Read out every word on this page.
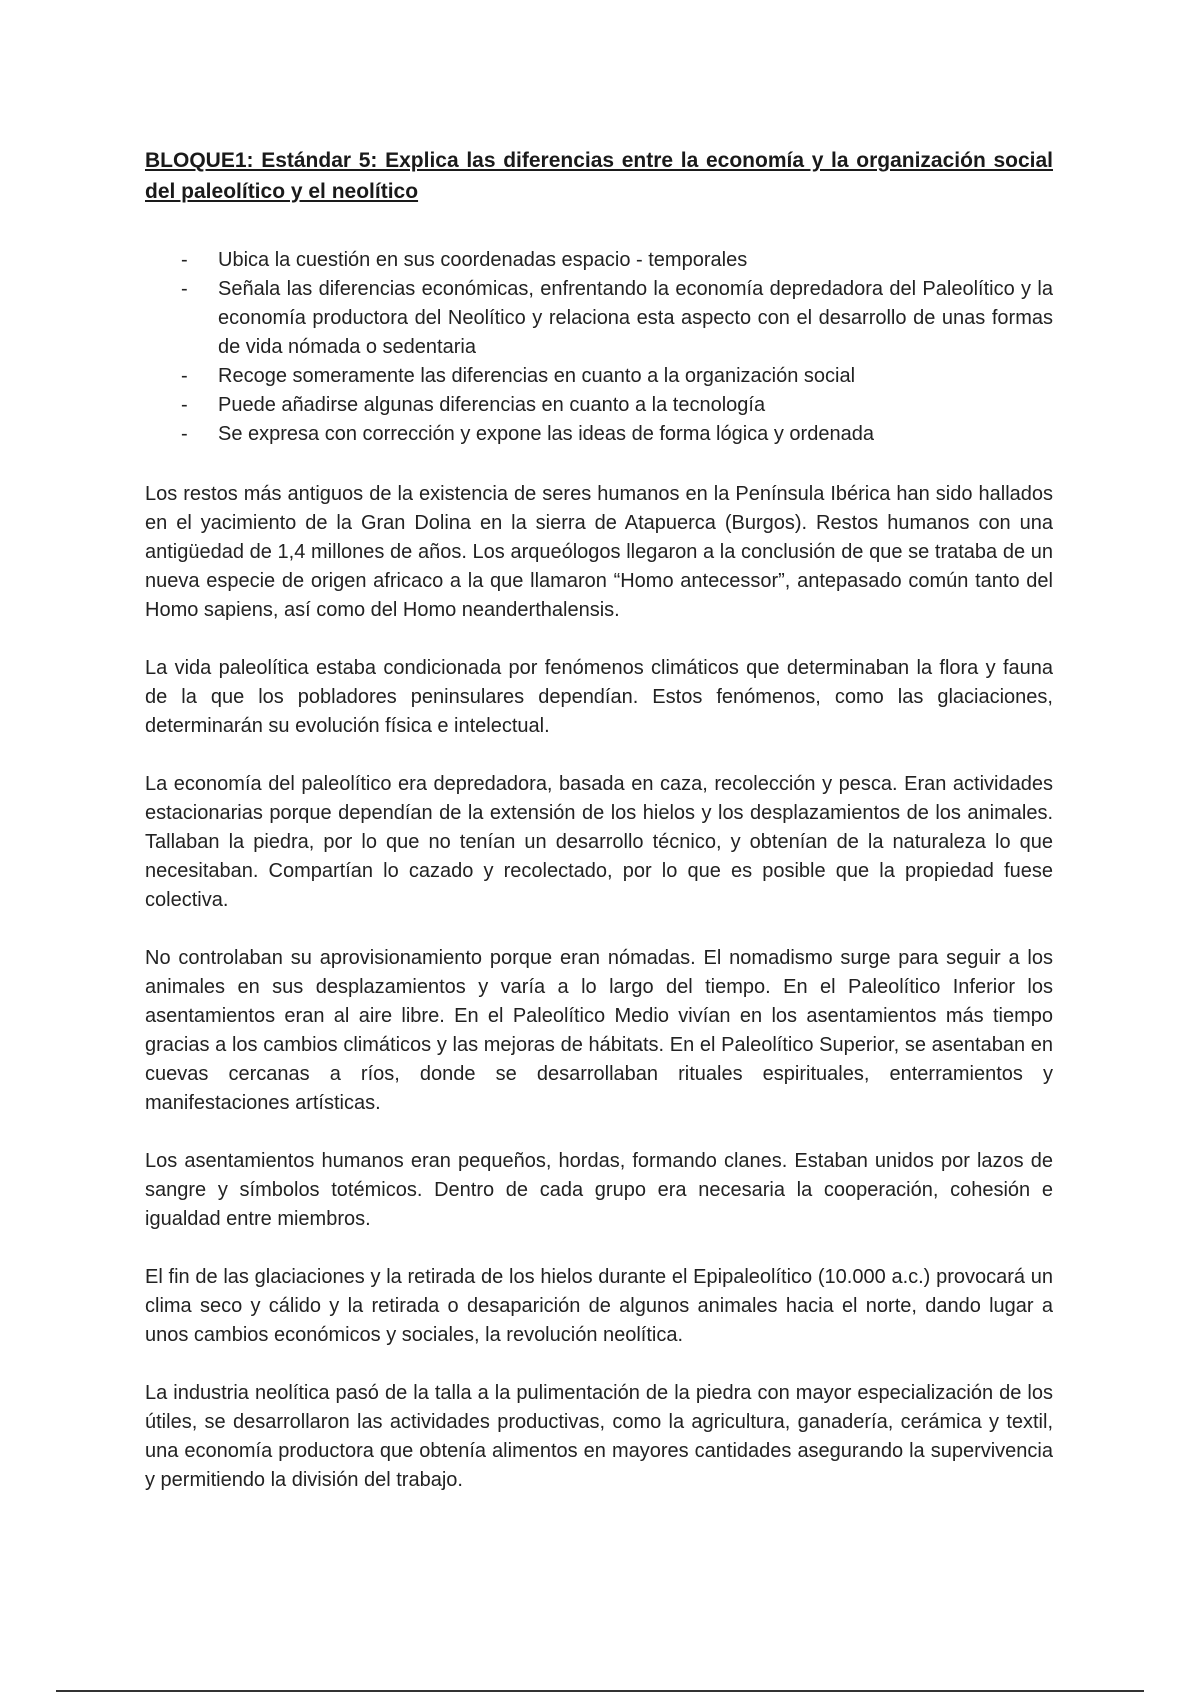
BLOQUE1: Estándar 5: Explica las diferencias entre la economía y la organización social del paleolítico y el neolítico
- Ubica la cuestión en sus coordenadas espacio - temporales
- Señala las diferencias económicas, enfrentando la economía depredadora del Paleolítico y la economía productora del Neolítico y relaciona esta aspecto con el desarrollo de unas formas de vida nómada o sedentaria
- Recoge someramente las diferencias en cuanto a la organización social
- Puede añadirse algunas diferencias en cuanto a la tecnología
- Se expresa con corrección y expone las ideas de forma lógica y ordenada

Los restos más antiguos de la existencia de seres humanos en la Península Ibérica han sido hallados en el yacimiento de la Gran Dolina en la sierra de Atapuerca (Burgos). Restos humanos con una antigüedad de 1,4 millones de años. Los arqueólogos llegaron a la conclusión de que se trataba de un nueva especie de origen africaco a la que llamaron “Homo antecessor”, antepasado común tanto del Homo sapiens, así como del Homo neanderthalensis.

La vida paleolítica estaba condicionada por fenómenos climáticos que determinaban la flora y fauna de la que los pobladores peninsulares dependían. Estos fenómenos, como las glaciaciones, determinarán su evolución física e intelectual.

La economía del paleolítico era depredadora, basada en caza, recolección y pesca. Eran actividades estacionarias porque dependían de la extensión de los hielos y los desplazamientos de los animales. Tallaban la piedra, por lo que no tenían un desarrollo técnico, y obtenían de la naturaleza lo que necesitaban. Compartían lo cazado y recolectado, por lo que es posible que la propiedad fuese colectiva.

No controlaban su aprovisionamiento porque eran nómadas. El nomadismo surge para seguir a los animales en sus desplazamientos y varía a lo largo del tiempo. En el Paleolítico Inferior los asentamientos eran al aire libre. En el Paleolítico Medio vivían en los asentamientos más tiempo gracias a los cambios climáticos y las mejoras de hábitats. En el Paleolítico Superior, se asentaban en cuevas cercanas a ríos, donde se desarrollaban rituales espirituales, enterramientos y manifestaciones artísticas.

Los asentamientos humanos eran pequeños, hordas, formando clanes. Estaban unidos por lazos de sangre y símbolos totémicos. Dentro de cada grupo era necesaria la cooperación, cohesión e igualdad entre miembros.

El fin de las glaciaciones y la retirada de los hielos durante el Epipaleolítico (10.000 a.c.) provocará un clima seco y cálido y la retirada o desaparición de algunos animales hacia el norte, dando lugar a unos cambios económicos y sociales, la revolución neolítica.

La industria neolítica pasó de la talla a la pulimentación de la piedra con mayor especialización de los útiles, se desarrollaron las actividades productivas, como la agricultura, ganadería, cerámica y textil, una economía productora que obtenía alimentos en mayores cantidades asegurando la supervivencia y permitiendo la división del trabajo.
